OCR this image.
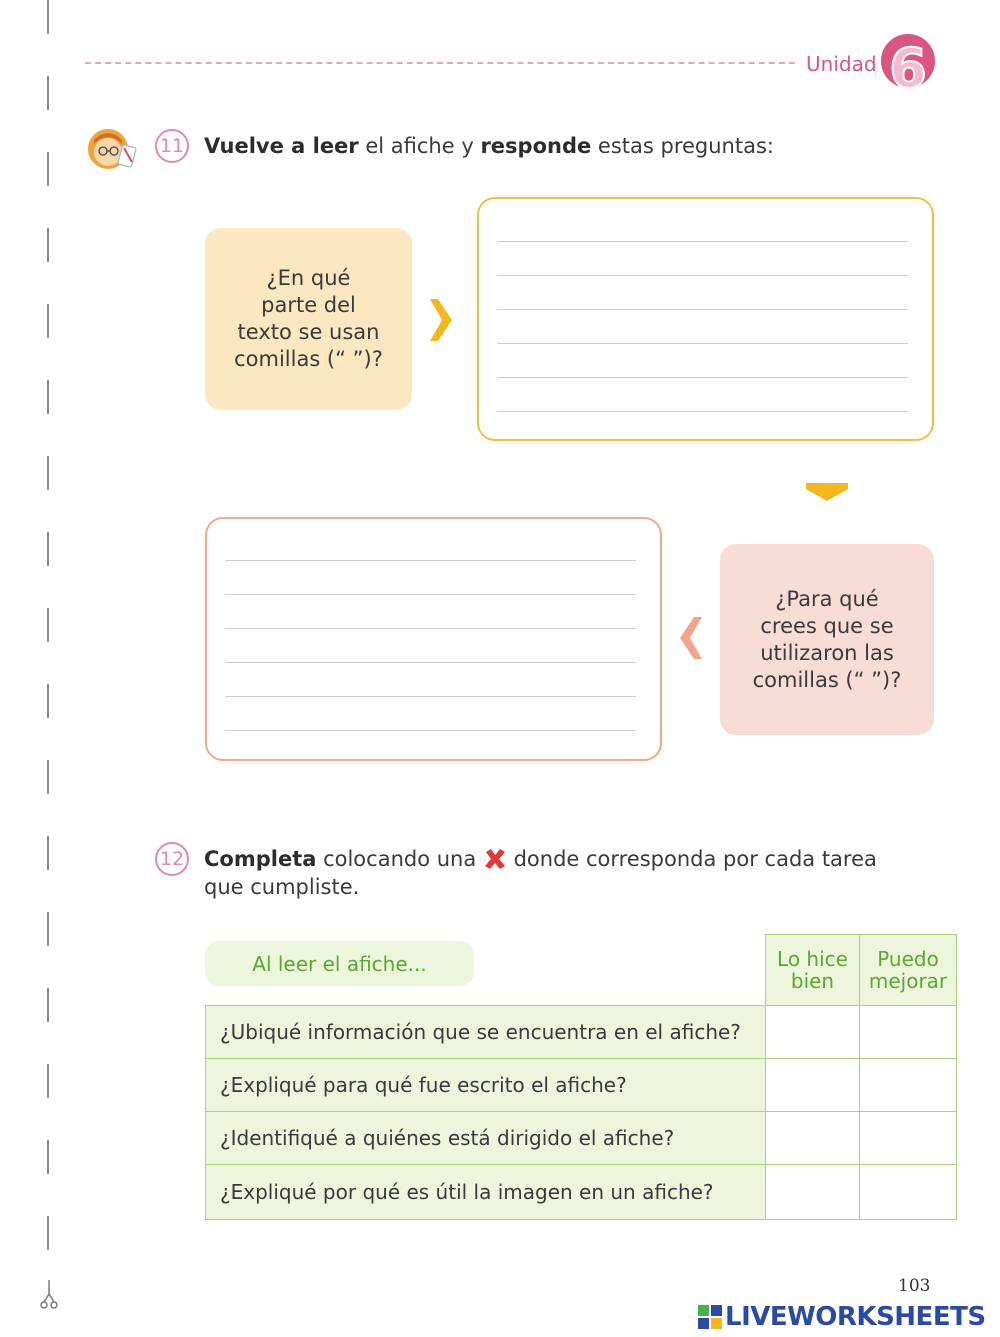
Unidad 6
11 Vuelve a leer el afiche y responde estas preguntas:
¿En qué
parte del
texto se usan
comillas (“ ”)?
¿Para qué
crees que se
utilizaron las
comillas (“ ”)?
12 Completa colocando una  donde corresponda por cada tarea
que cumpliste.
Al leer el afiche...	Lo hice
bien
Puedo
mejorar
¿Ubiqué información que se encuentra en el afiche?
¿Expliqué para qué fue escrito el afiche?
¿Identifiqué a quiénes está dirigido el afiche?
¿Expliqué por qué es útil la imagen en un afiche?
103
LIVEWORKSHEETS
